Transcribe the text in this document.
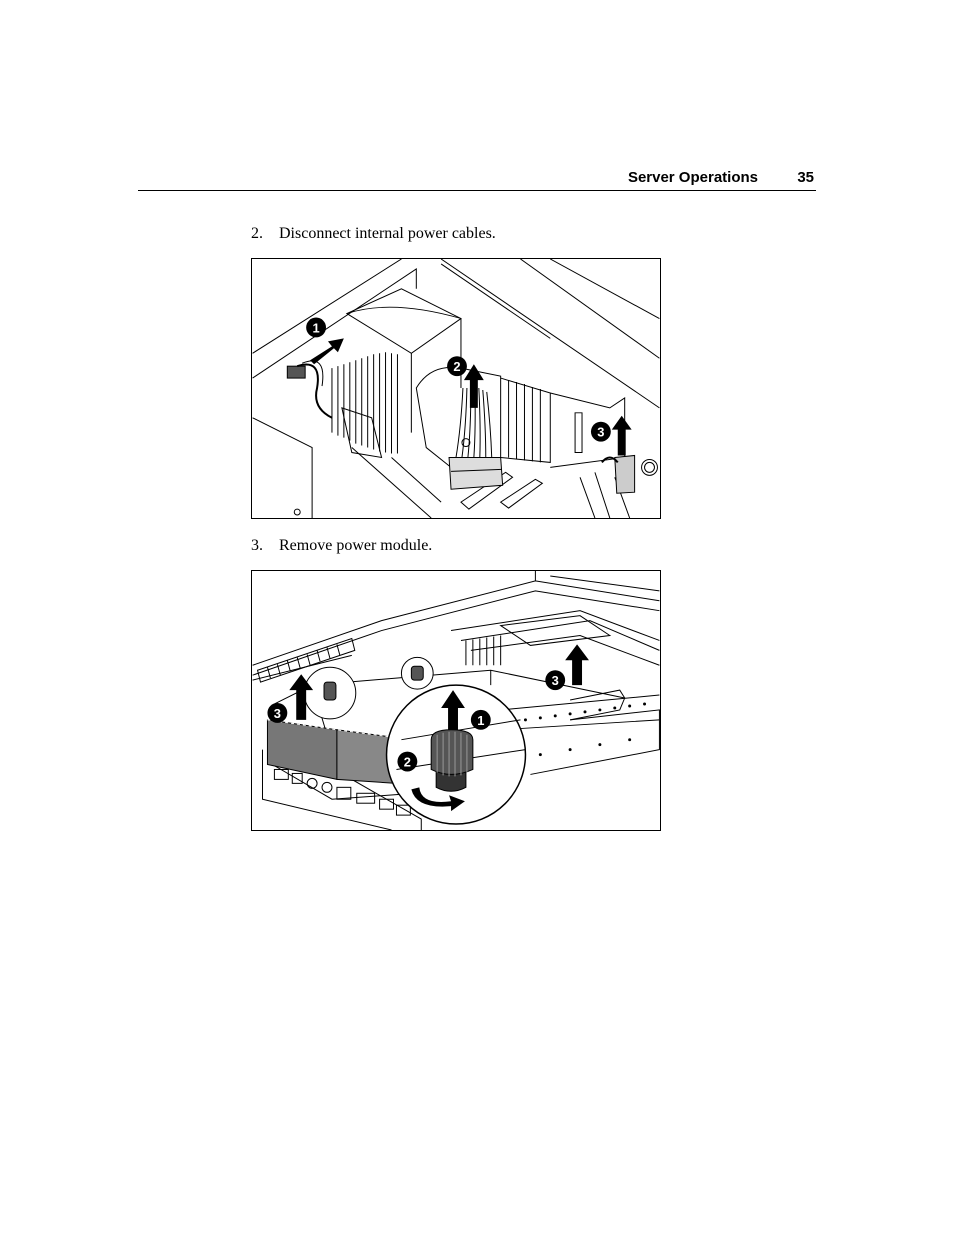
Server Operations	35
2. Disconnect internal power cables.
1
2
3
3. Remove power module.
1
2
3
3
